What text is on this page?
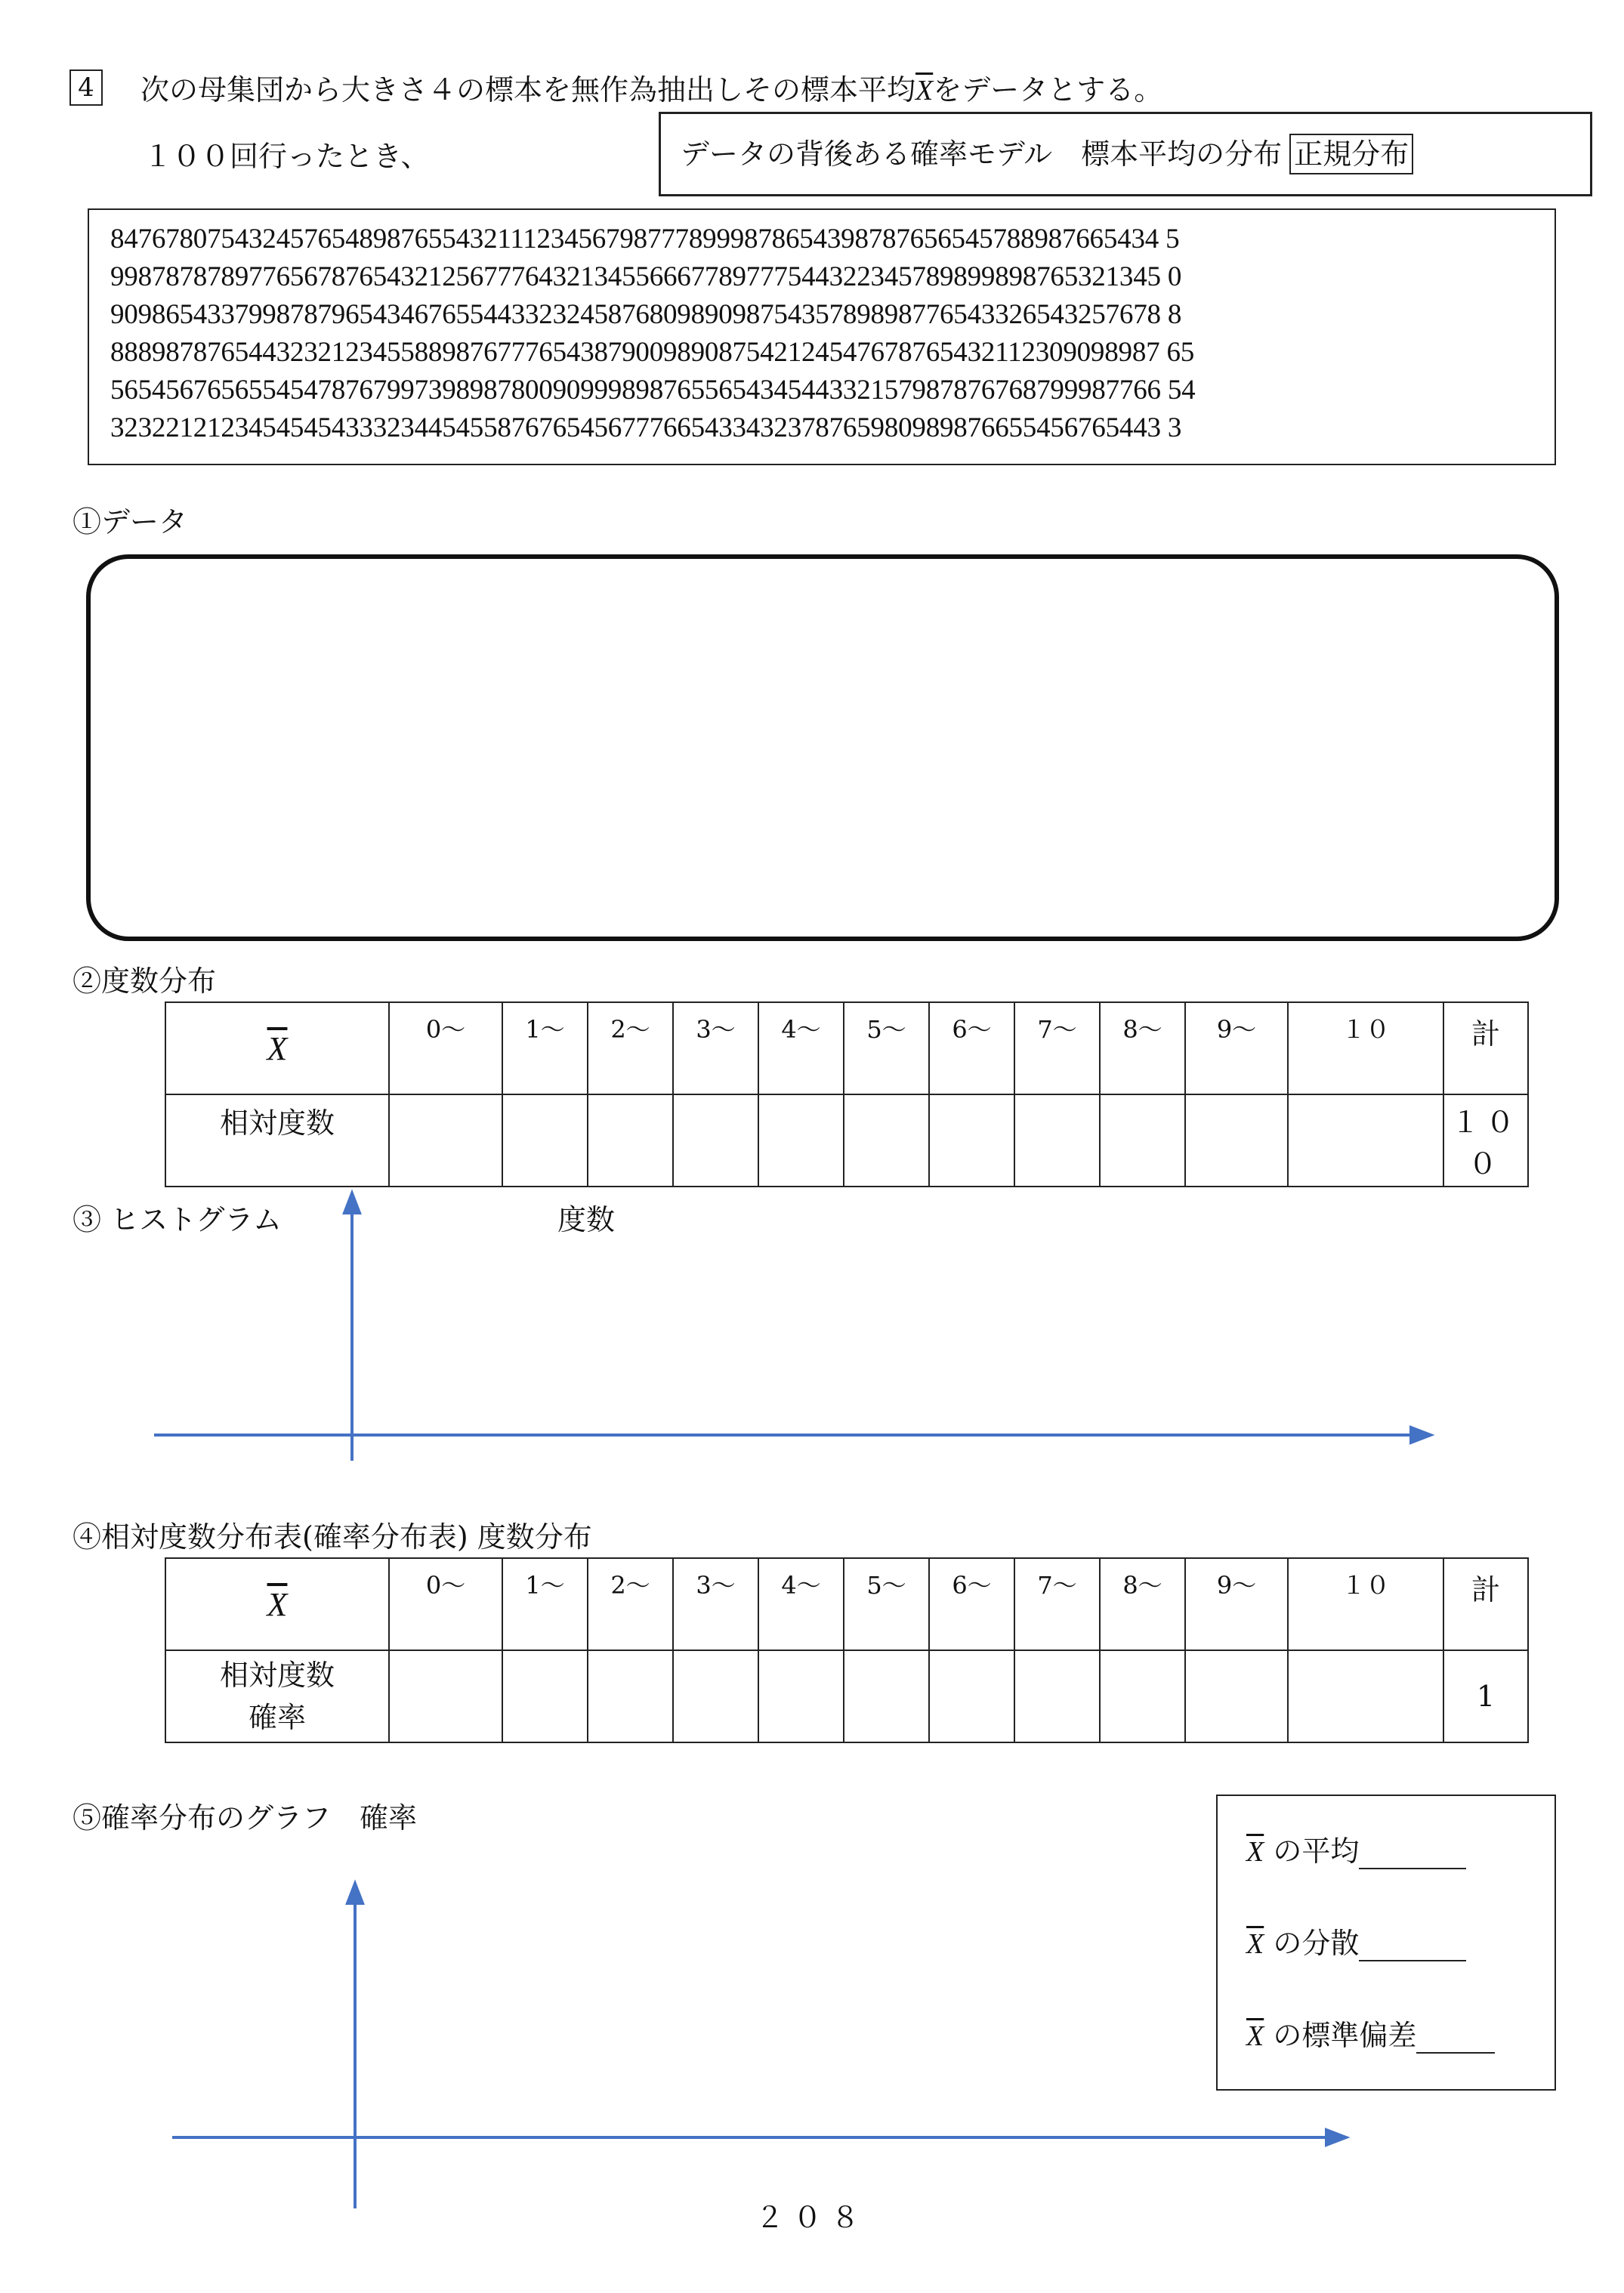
4 次の母集団から大きさ４の標本を無作為抽出しその標本平均$\overline{X}$をデータとする。
１００回行ったとき、	データの背後ある確率モデル　標本平均の分布 正規分布
8476780754324576548987655432111234567987778999878654398787656545788987665434 5
9987878789776567876543212567776432134556667789777544322345789899898765321345 0
9098654337998787965434676554433232458768098909875435789898776543326543257678 8
8889878765443232123455889876777654387900989087542124547678765432112309098987 65
5654567656554547876799739898780090999898765565434544332157987876768799987766 54
3232212123454545433323445455876765456777665433432378765980989876655456765443 3
①データ
②度数分布
$\overline{X}$	0～	1～	2～	3～	4～	5～	6～	7～	8～	9～	１０	計
相対度数												１００
③ ヒストグラム	度数
④相対度数分布表(確率分布表) 度数分布
$\overline{X}$	0～	1～	2～	3～	4～	5～	6～	7～	8～	9～	１０	計

相対度数
確率												1
⑤確率分布のグラフ　確率
$\overline{X}$ の平均
$\overline{X}$ の分散
$\overline{X}$ の標準偏差
２０８
